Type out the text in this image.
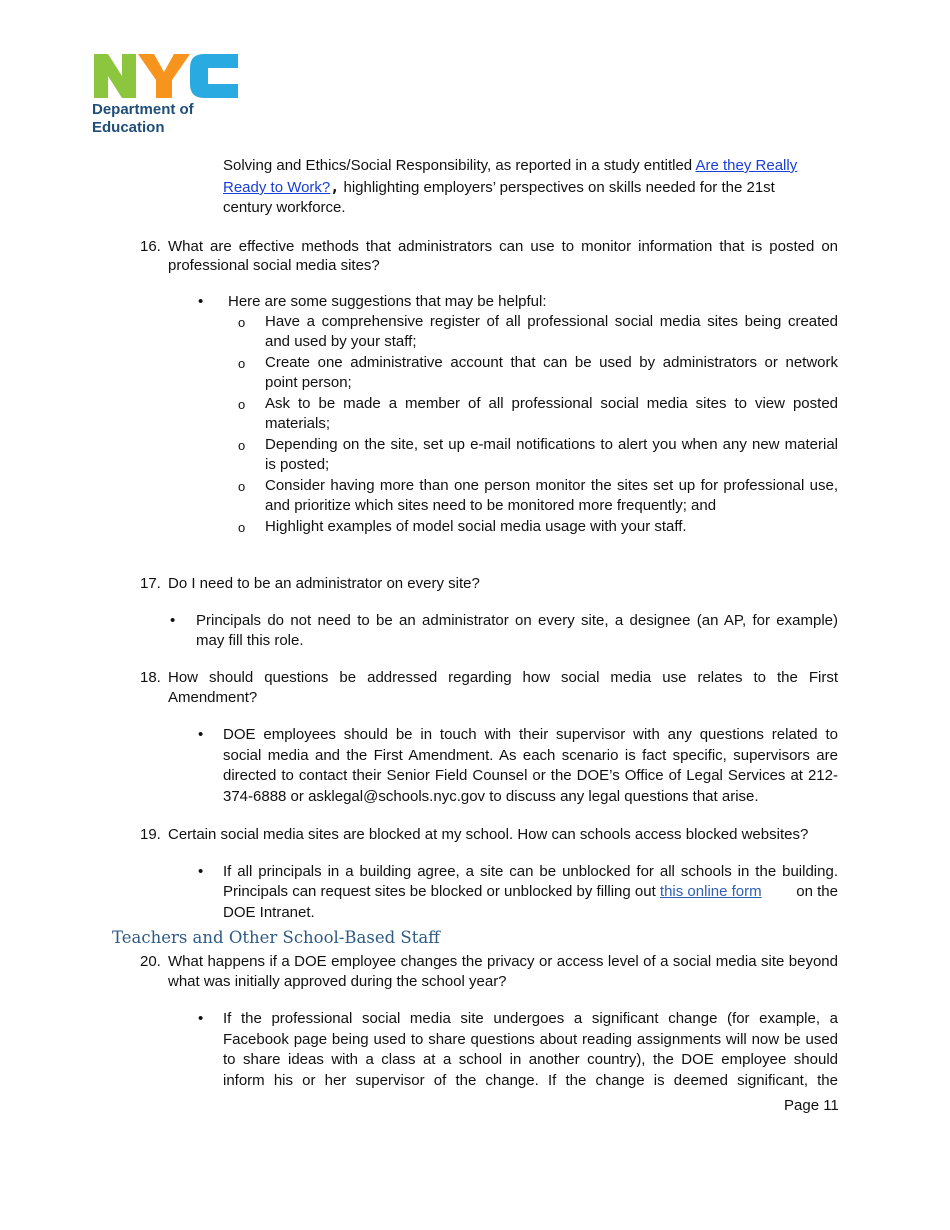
Department of
Education
Solving and Ethics/Social Responsibility, as reported in a study entitled Are they Really
Ready to Work?, highlighting employers’ perspectives on skills needed for the 21st
century workforce.
16. What are effective methods that administrators can use to monitor information that is posted on
professional social media sites?
• Here are some suggestions that may be helpful:
o Have a comprehensive register of all professional social media sites being created
and used by your staff;
o Create one administrative account that can be used by administrators or network
point person;
o Ask to be made a member of all professional social media sites to view posted
materials;
o Depending on the site, set up e-mail notifications to alert you when any new material
is posted;
o Consider having more than one person monitor the sites set up for professional use,
and prioritize which sites need to be monitored more frequently; and
o Highlight examples of model social media usage with your staff.
17. Do I need to be an administrator on every site?
• Principals do not need to be an administrator on every site, a designee (an AP, for example)
may fill this role.
18. How should questions be addressed regarding how social media use relates to the First
Amendment?
• DOE employees should be in touch with their supervisor with any questions related to
social media and the First Amendment. As each scenario is fact specific, supervisors are
directed to contact their Senior Field Counsel or the DOE’s Office of Legal Services at 212-
374-6888 or asklegal@schools.nyc.gov to discuss any legal questions that arise.
19. Certain social media sites are blocked at my school. How can schools access blocked websites?
• If all principals in a building agree, a site can be unblocked for all schools in the building.
Principals can request sites be blocked or unblocked by filling out this online form on the
DOE Intranet.
Teachers and Other School-Based Staff
20. What happens if a DOE employee changes the privacy or access level of a social media site beyond
what was initially approved during the school year?
• If the professional social media site undergoes a significant change (for example, a
Facebook page being used to share questions about reading assignments will now be used
to share ideas with a class at a school in another country), the DOE employee should
inform his or her supervisor of the change. If the change is deemed significant, the
Page 11
